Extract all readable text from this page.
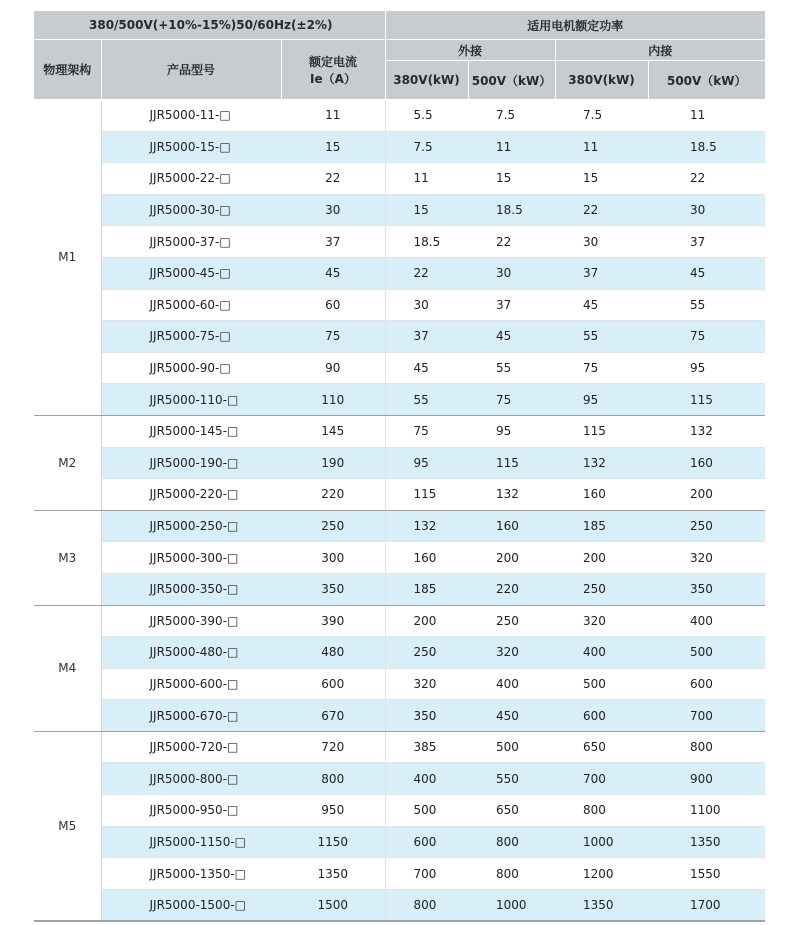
380/500V(+10%-15%)50/60Hz(±2%)			适用电机额定功率			
物理架构	产品型号	额定电流
Ie（A）	外接		内接	
			380V(kW)	500V（kW）	380V(kW)	500V（kW）
M1	JJR5000-11-□	11	5.5	7.5	7.5	11
	JJR5000-15-□	15	7.5	11	11	18.5
	JJR5000-22-□	22	11	15	15	22
	JJR5000-30-□	30	15	18.5	22	30
	JJR5000-37-□	37	18.5	22	30	37
	JJR5000-45-□	45	22	30	37	45
	JJR5000-60-□	60	30	37	45	55
	JJR5000-75-□	75	37	45	55	75
	JJR5000-90-□	90	45	55	75	95
	JJR5000-110-□	110	55	75	95	115
M2	JJR5000-145-□	145	75	95	115	132
	JJR5000-190-□	190	95	115	132	160
	JJR5000-220-□	220	115	132	160	200
M3	JJR5000-250-□	250	132	160	185	250
	JJR5000-300-□	300	160	200	200	320
	JJR5000-350-□	350	185	220	250	350
M4	JJR5000-390-□	390	200	250	320	400
	JJR5000-480-□	480	250	320	400	500
	JJR5000-600-□	600	320	400	500	600
	JJR5000-670-□	670	350	450	600	700
M5	JJR5000-720-□	720	385	500	650	800
	JJR5000-800-□	800	400	550	700	900
	JJR5000-950-□	950	500	650	800	1100
	JJR5000-1150-□	1150	600	800	1000	1350
	JJR5000-1350-□	1350	700	800	1200	1550
	JJR5000-1500-□	1500	800	1000	1350	1700
